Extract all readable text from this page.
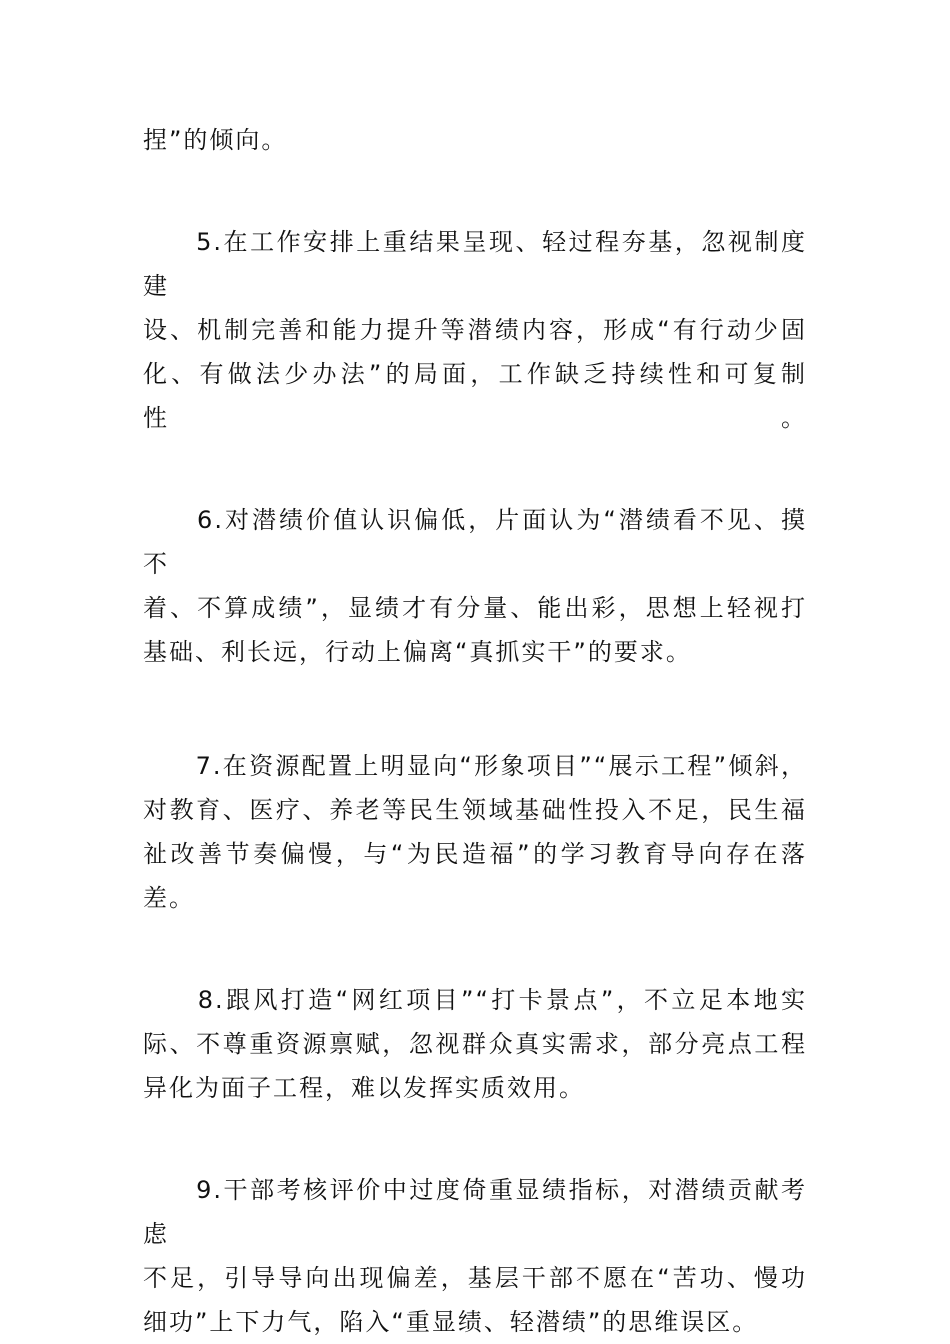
捏”的倾向。
　　5.在工作安排上重结果呈现、轻过程夯基，忽视制度建
设、机制完善和能力提升等潜绩内容，形成“有行动少固
化、有做法少办法”的局面，工作缺乏持续性和可复制性。
　　6.对潜绩价值认识偏低，片面认为“潜绩看不见、摸不
着、不算成绩”，显绩才有分量、能出彩，思想上轻视打
基础、利长远，行动上偏离“真抓实干”的要求。
　　7.在资源配置上明显向“形象项目”“展示工程”倾斜，
对教育、医疗、养老等民生领域基础性投入不足，民生福
祉改善节奏偏慢，与“为民造福”的学习教育导向存在落
差。
　　8.跟风打造“网红项目”“打卡景点”，不立足本地实
际、不尊重资源禀赋，忽视群众真实需求，部分亮点工程
异化为面子工程，难以发挥实质效用。
　　9.干部考核评价中过度倚重显绩指标，对潜绩贡献考虑
不足，引导导向出现偏差，基层干部不愿在“苦功、慢功
细功”上下力气，陷入“重显绩、轻潜绩”的思维误区。
